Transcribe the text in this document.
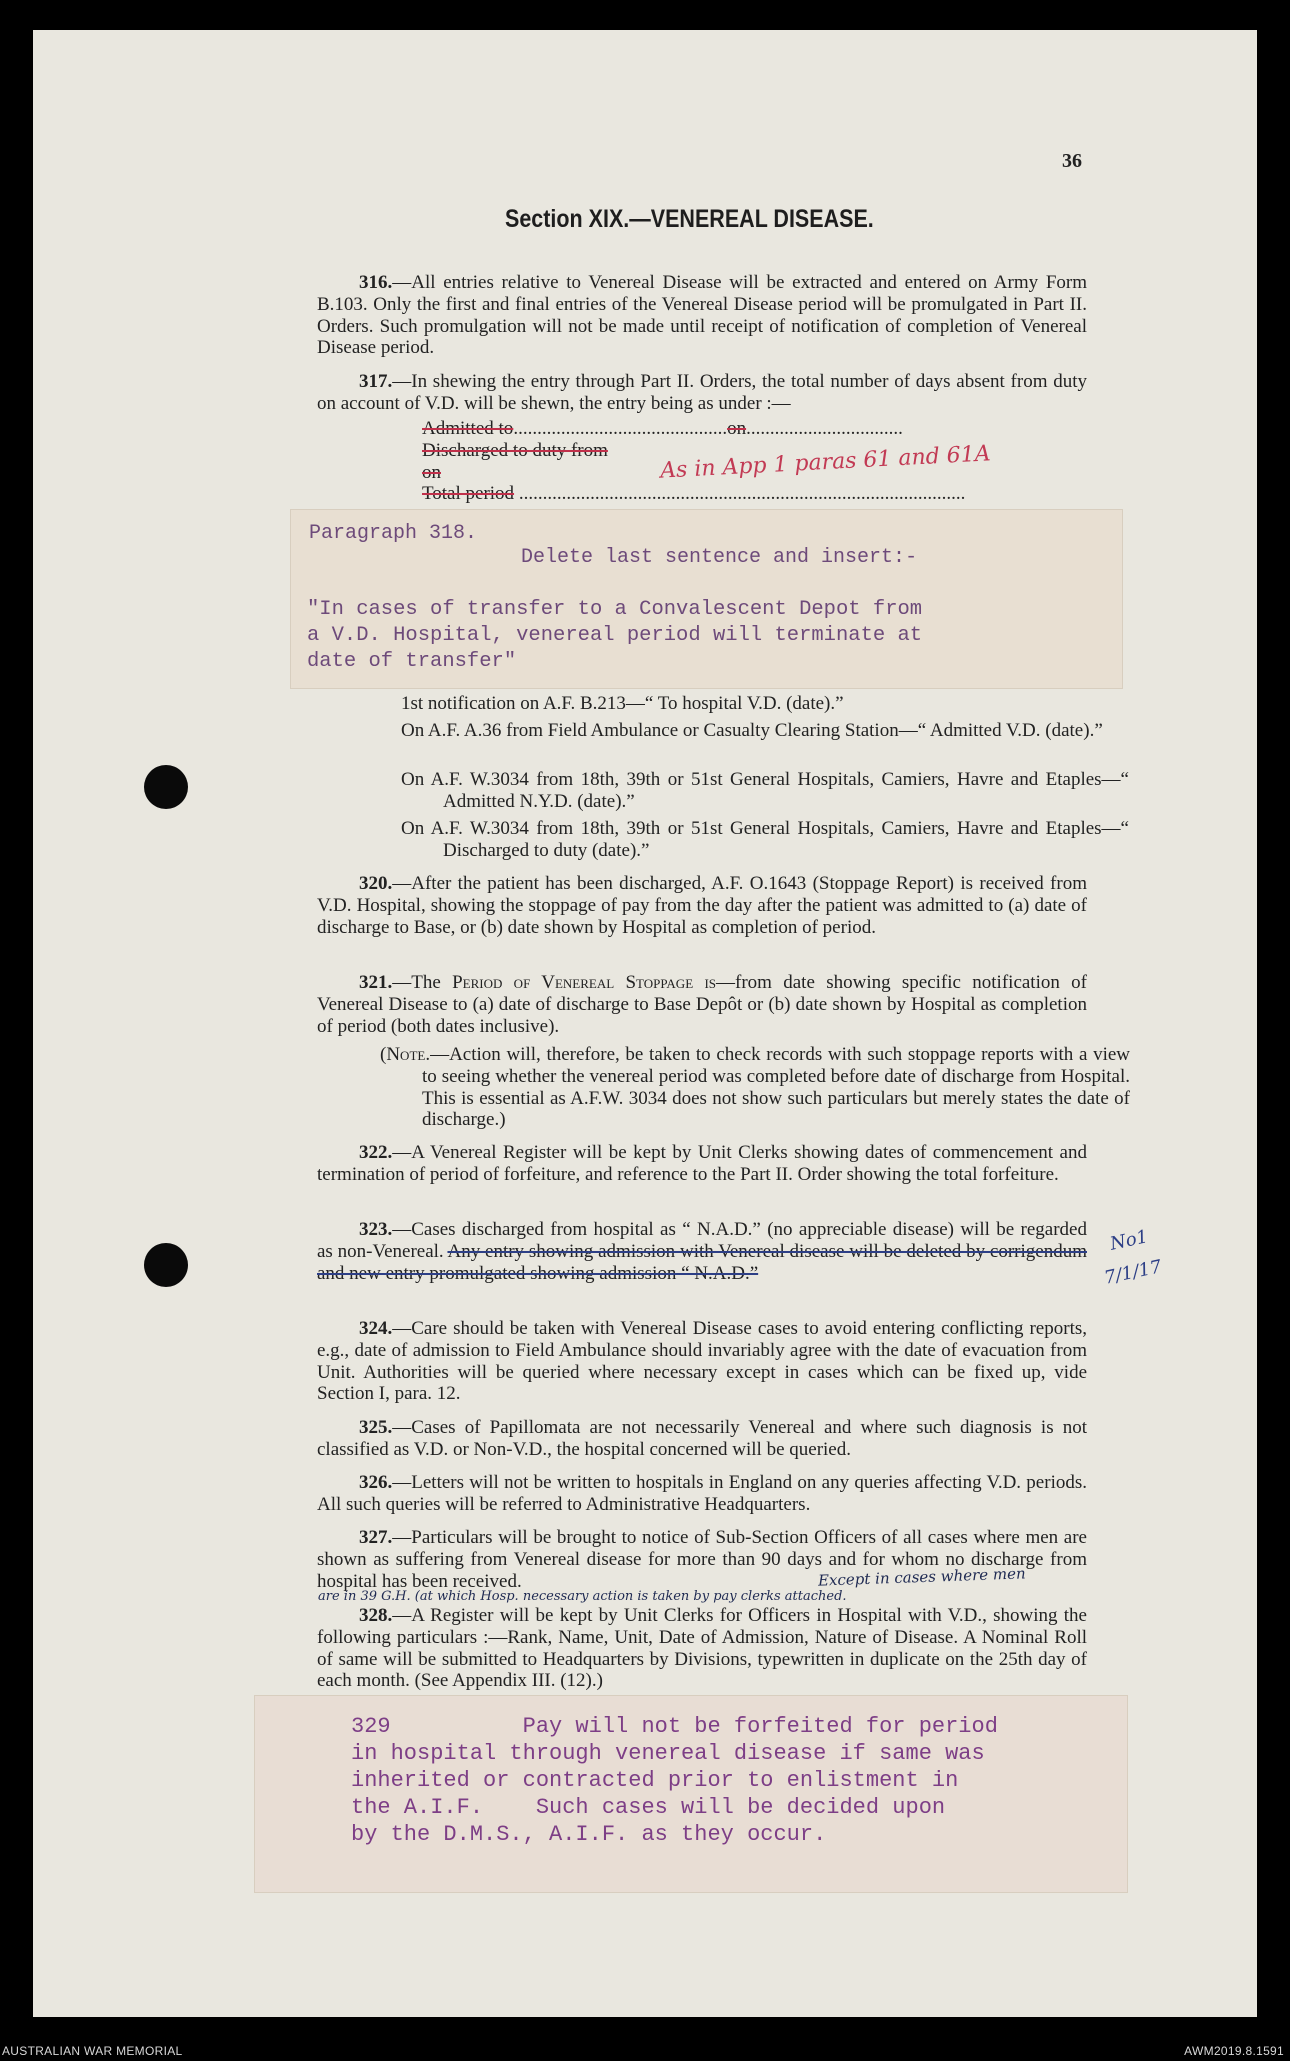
36
Section XIX.—VENEREAL DISEASE.

316.—All entries relative to Venereal Disease will be extracted and entered on Army Form B.103. Only the first and final entries of the Venereal Disease period will be promulgated in Part II. Orders. Such promulgation will not be made until receipt of notification of completion of Venereal Disease period.

317.—In shewing the entry through Part II. Orders, the total number of days absent from duty on account of V.D. will be shewn, the entry being as under :—

Admitted to.............................................on.................................
Discharged to duty from
on
Total period ..............................................................................................
As in App 1 paras 61 and 61A
Paragraph 318.
Delete last sentence and insert:-
"In cases of transfer to a Convalescent Depot from
a V.D. Hospital, venereal period will terminate at
date of transfer"

1st notification on A.F. B.213—“ To hospital V.D. (date).”

On A.F. A.36 from Field Ambulance or Casualty Clearing Station—“ Admitted V.D. (date).”

On A.F. W.3034 from 18th, 39th or 51st General Hospitals, Camiers, Havre and Etaples—“ Admitted N.Y.D. (date).”

On A.F. W.3034 from 18th, 39th or 51st General Hospitals, Camiers, Havre and Etaples—“ Discharged to duty (date).”

320.—After the patient has been discharged, A.F. O.1643 (Stoppage Report) is received from V.D. Hospital, showing the stoppage of pay from the day after the patient was admitted to (a) date of discharge to Base, or (b) date shown by Hospital as completion of period.

321.—The Period of Venereal Stoppage is—from date showing specific notification of Venereal Disease to (a) date of discharge to Base Depôt or (b) date shown by Hospital as completion of period (both dates inclusive).

(Note.—Action will, therefore, be taken to check records with such stoppage reports with a view to seeing whether the venereal period was completed before date of discharge from Hospital. This is essential as A.F.W. 3034 does not show such particulars but merely states the date of discharge.)

322.—A Venereal Register will be kept by Unit Clerks showing dates of commencement and termination of period of forfeiture, and reference to the Part II. Order showing the total forfeiture.

323.—Cases discharged from hospital as “ N.A.D.” (no appreciable disease) will be regarded as non-Venereal. Any entry showing admission with Venereal disease will be deleted by corrigendum and new entry promulgated showing admission “ N.A.D.”

No1
7/1/17

324.—Care should be taken with Venereal Disease cases to avoid entering conflicting reports, e.g., date of admission to Field Ambulance should invariably agree with the date of evacuation from Unit. Authorities will be queried where necessary except in cases which can be fixed up, vide Section I, para. 12.

325.—Cases of Papillomata are not necessarily Venereal and where such diagnosis is not classified as V.D. or Non-V.D., the hospital concerned will be queried.

326.—Letters will not be written to hospitals in England on any queries affecting V.D. periods. All such queries will be referred to Administrative Headquarters.

327.—Particulars will be brought to notice of Sub-Section Officers of all cases where men are shown as suffering from Venereal disease for more than 90 days and for whom no discharge from hospital has been received.	Except in cases where men
are in 39 G.H. (at which Hosp. necessary action is taken by pay clerks attached.

328.—A Register will be kept by Unit Clerks for Officers in Hospital with V.D., showing the following particulars :—Rank, Name, Unit, Date of Admission, Nature of Disease. A Nominal Roll of same will be submitted to Headquarters by Divisions, typewritten in duplicate on the 25th day of each month. (See Appendix III. (12).)

329          Pay will not be forfeited for period
in hospital through venereal disease if same was
inherited or contracted prior to enlistment in
the A.I.F.    Such cases will be decided upon
by the D.M.S., A.I.F. as they occur.
AUSTRALIAN WAR MEMORIAL	AWM2019.8.1591
